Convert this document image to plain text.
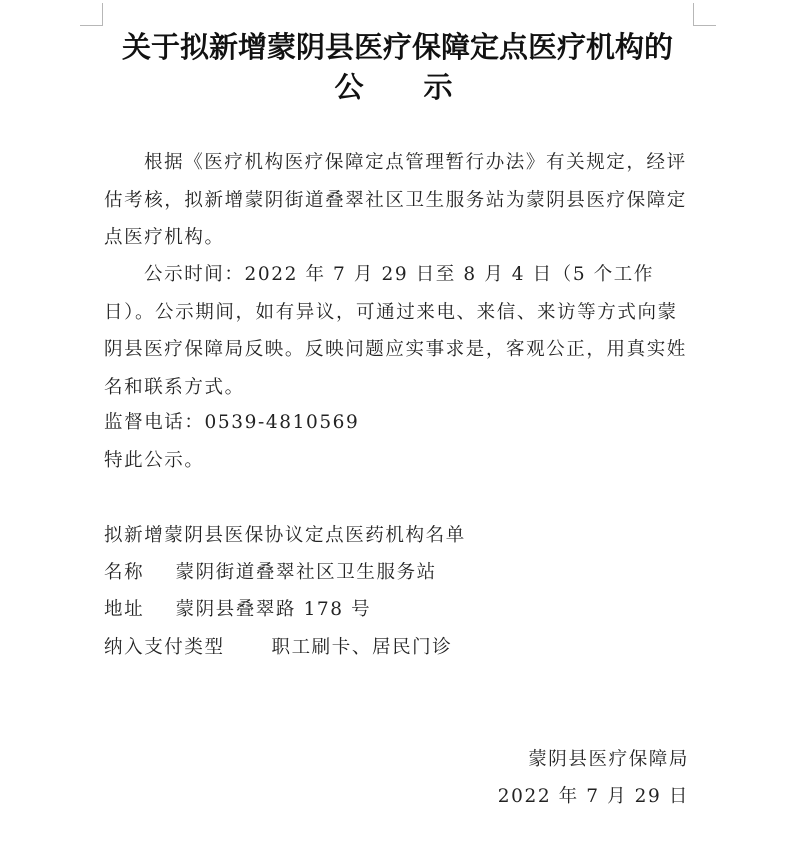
关于拟新增蒙阴县医疗保障定点医疗机构的
公示

根据《医疗机构医疗保障定点管理暂行办法》有关规定，经评估考核，拟新增蒙阴街道叠翠社区卫生服务站为蒙阴县医疗保障定点医疗机构。

公示时间：2022 年 7 月 29 日至 8 月 4 日（5 个工作日）。公示期间，如有异议，可通过来电、来信、来访等方式向蒙阴县医疗保障局反映。反映问题应实事求是，客观公正，用真实姓名和联系方式。

监督电话：0539-4810569
特此公示。
拟新增蒙阴县医保协议定点医药机构名单
名称 蒙阴街道叠翠社区卫生服务站
地址 蒙阴县叠翠路 178 号
纳入支付类型	职工刷卡、居民门诊
蒙阴县医疗保障局
2022 年 7 月 29 日
